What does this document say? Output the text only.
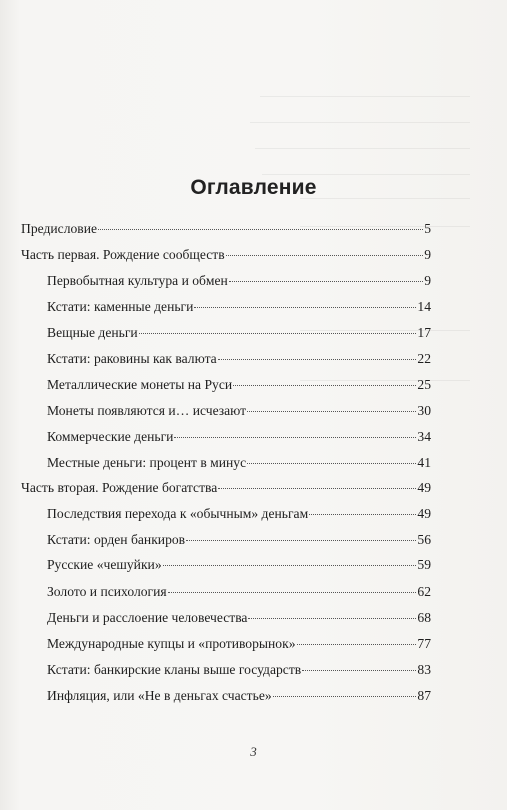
Оглавление
Предисловие	5
Часть первая. Рождение сообществ	9
Первобытная культура и обмен	9
Кстати: каменные деньги	14
Вещные деньги	17
Кстати: раковины как валюта	22
Металлические монеты на Руси	25
Монеты появляются и… исчезают	30
Коммерческие деньги	34
Местные деньги: процент в минус	41
Часть вторая. Рождение богатства	49
Последствия перехода к «обычным» деньгам	49
Кстати: орден банкиров	56
Русские «чешуйки»	59
Золото и психология	62
Деньги и расслоение человечества	68
Международные купцы и «противорынок»	77
Кстати: банкирские кланы выше государств	83
Инфляция, или «Не в деньгах счастье»	87
3
